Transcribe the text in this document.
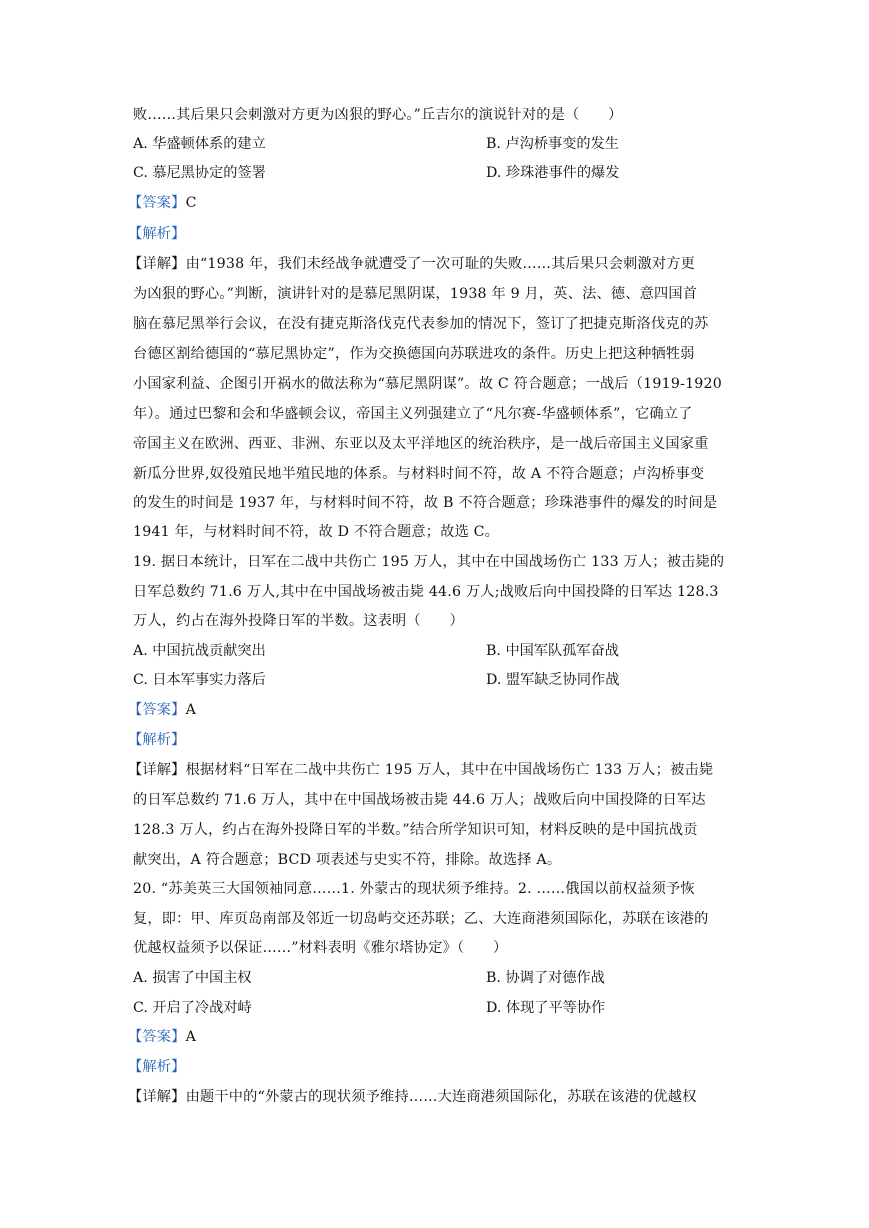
败……其后果只会刺激对方更为凶狠的野心。”丘吉尔的演说针对的是（　　）
A. 华盛顿体系的建立	B. 卢沟桥事变的发生
C. 慕尼黑协定的签署	D. 珍珠港事件的爆发
【答案】C
【解析】
【详解】由“1938 年，我们未经战争就遭受了一次可耻的失败……其后果只会刺激对方更
为凶狠的野心。”判断，演讲针对的是慕尼黑阴谋，1938 年 9 月，英、法、德、意四国首
脑在慕尼黑举行会议，在没有捷克斯洛伐克代表参加的情况下，签订了把捷克斯洛伐克的苏
台德区割给德国的“慕尼黑协定”，作为交换德国向苏联进攻的条件。历史上把这种牺牲弱
小国家利益、企图引开祸水的做法称为“慕尼黑阴谋”。故 C 符合题意；一战后（1919-1920
年）。通过巴黎和会和华盛顿会议，帝国主义列强建立了“凡尔赛-华盛顿体系”，它确立了
帝国主义在欧洲、西亚、非洲、东亚以及太平洋地区的统治秩序，是一战后帝国主义国家重
新瓜分世界,奴役殖民地半殖民地的体系。与材料时间不符，故 A 不符合题意；卢沟桥事变
的发生的时间是 1937 年，与材料时间不符，故 B 不符合题意；珍珠港事件的爆发的时间是
1941 年，与材料时间不符，故 D 不符合题意；故选 C。
19. 据日本统计，日军在二战中共伤亡 195 万人，其中在中国战场伤亡 133 万人；被击毙的
日军总数约 71.6 万人,其中在中国战场被击毙 44.6 万人;战败后向中国投降的日军达 128.3
万人，约占在海外投降日军的半数。这表明（　　）
A. 中国抗战贡献突出	B. 中国军队孤军奋战
C. 日本军事实力落后	D. 盟军缺乏协同作战
【答案】A
【解析】
【详解】根据材料“日军在二战中共伤亡 195 万人，其中在中国战场伤亡 133 万人；被击毙
的日军总数约 71.6 万人，其中在中国战场被击毙 44.6 万人；战败后向中国投降的日军达
128.3 万人，约占在海外投降日军的半数。”结合所学知识可知，材料反映的是中国抗战贡
献突出，A 符合题意；BCD 项表述与史实不符，排除。故选择 A。
20. “苏美英三大国领袖同意……1. 外蒙古的现状须予维持。2. ……俄国以前权益须予恢
复，即：甲、库页岛南部及邻近一切岛屿交还苏联；乙、大连商港须国际化，苏联在该港的
优越权益须予以保证……”材料表明《雅尔塔协定》（　　）
A. 损害了中国主权	B. 协调了对德作战
C. 开启了冷战对峙	D. 体现了平等协作
【答案】A
【解析】
【详解】由题干中的“外蒙古的现状须予维持……大连商港须国际化，苏联在该港的优越权
